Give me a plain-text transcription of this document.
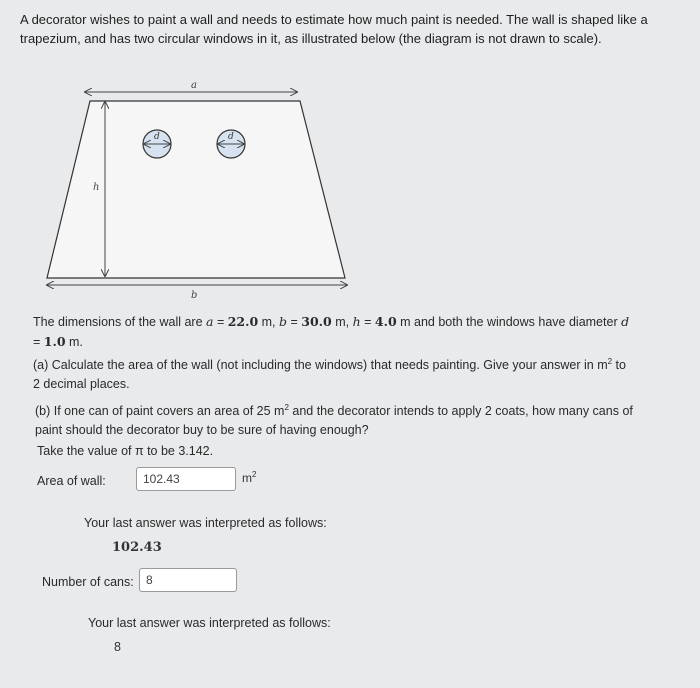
A decorator wishes to paint a wall and needs to estimate how much paint is needed. The wall is shaped like a trapezium, and has two circular windows in it, as illustrated below (the diagram is not drawn to scale).
a
b
h
d	d
The dimensions of the wall are a = 22.0 m, b = 30.0 m, h = 4.0 m and both the windows have diameter d = 1.0 m.
(a) Calculate the area of the wall (not including the windows) that needs painting. Give your answer in $m^2$ to 2 decimal places.
(b) If one can of paint covers an area of 25 $m^2$ and the decorator intends to apply 2 coats, how many cans of paint should the decorator buy to be sure of having enough?
Take the value of π to be 3.142.
Area of wall:	102.43	$m^2$
Your last answer was interpreted as follows:
102.43
Number of cans:	8
Your last answer was interpreted as follows:
8
